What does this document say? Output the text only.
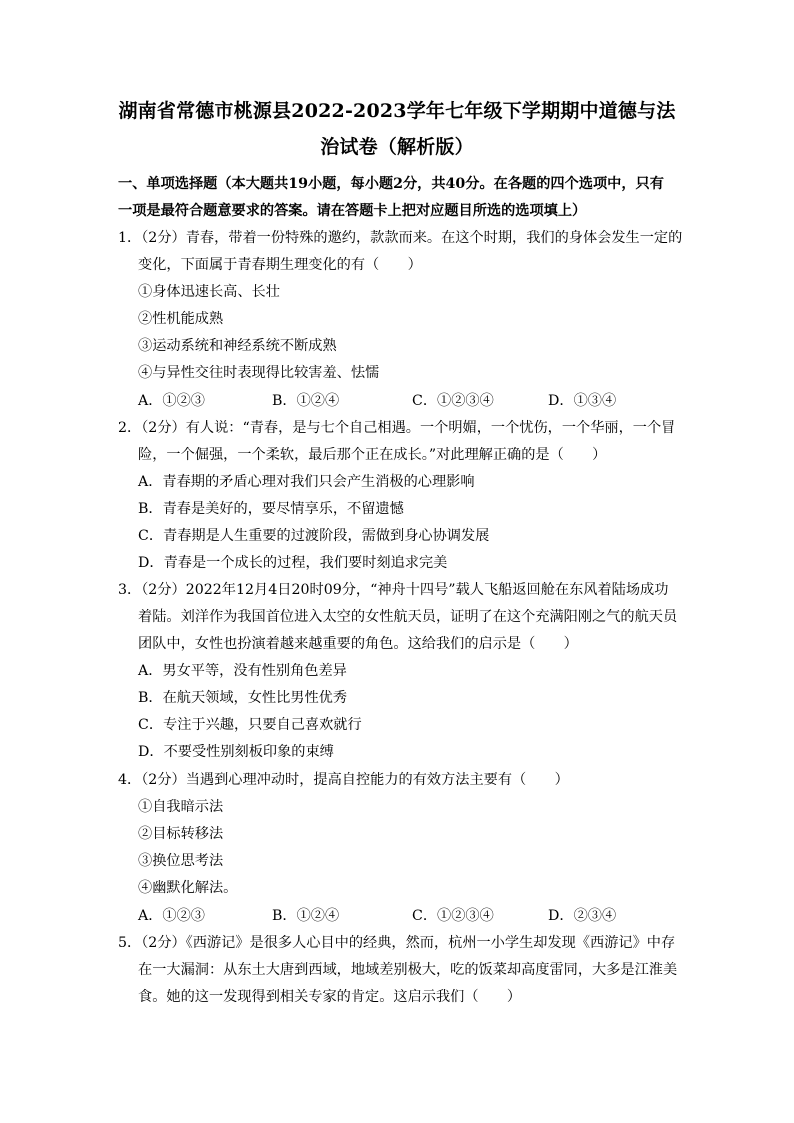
湖南省常德市桃源县2022-2023学年七年级下学期期中道德与法
治试卷（解析版）
一、单项选择题（本大题共19小题，每小题2分，共40分。在各题的四个选项中，只有
一项是最符合题意要求的答案。请在答题卡上把对应题目所选的选项填上）
1．（2分）青春，带着一份特殊的邀约，款款而来。在这个时期，我们的身体会发生一定的
变化，下面属于青春期生理变化的有（　　）
①身体迅速长高、长壮
②性机能成熟
③运动系统和神经系统不断成熟
④与异性交往时表现得比较害羞、怯懦
A．①②③	B．①②④	C．①②③④	D．①③④
2．（2分）有人说：“青春，是与七个自己相遇。一个明媚，一个忧伤，一个华丽，一个冒
险，一个倔强，一个柔软，最后那个正在成长。”对此理解正确的是（　　）
A．青春期的矛盾心理对我们只会产生消极的心理影响
B．青春是美好的，要尽情享乐，不留遗憾
C．青春期是人生重要的过渡阶段，需做到身心协调发展
D．青春是一个成长的过程，我们要时刻追求完美
3．（2分）2022年12月4日20时09分，“神舟十四号”载人飞船返回舱在东风着陆场成功
着陆。刘洋作为我国首位进入太空的女性航天员，证明了在这个充满阳刚之气的航天员
团队中，女性也扮演着越来越重要的角色。这给我们的启示是（　　）
A．男女平等，没有性别角色差异
B．在航天领域，女性比男性优秀
C．专注于兴趣，只要自己喜欢就行
D．不要受性别刻板印象的束缚
4．（2分）当遇到心理冲动时，提高自控能力的有效方法主要有（　　）
①自我暗示法
②目标转移法
③换位思考法
④幽默化解法。
A．①②③	B．①②④	C．①②③④	D．②③④
5．（2分）《西游记》是很多人心目中的经典，然而，杭州一小学生却发现《西游记》中存
在一大漏洞：从东土大唐到西域，地域差别极大，吃的饭菜却高度雷同，大多是江淮美
食。她的这一发现得到相关专家的肯定。这启示我们（　　）
